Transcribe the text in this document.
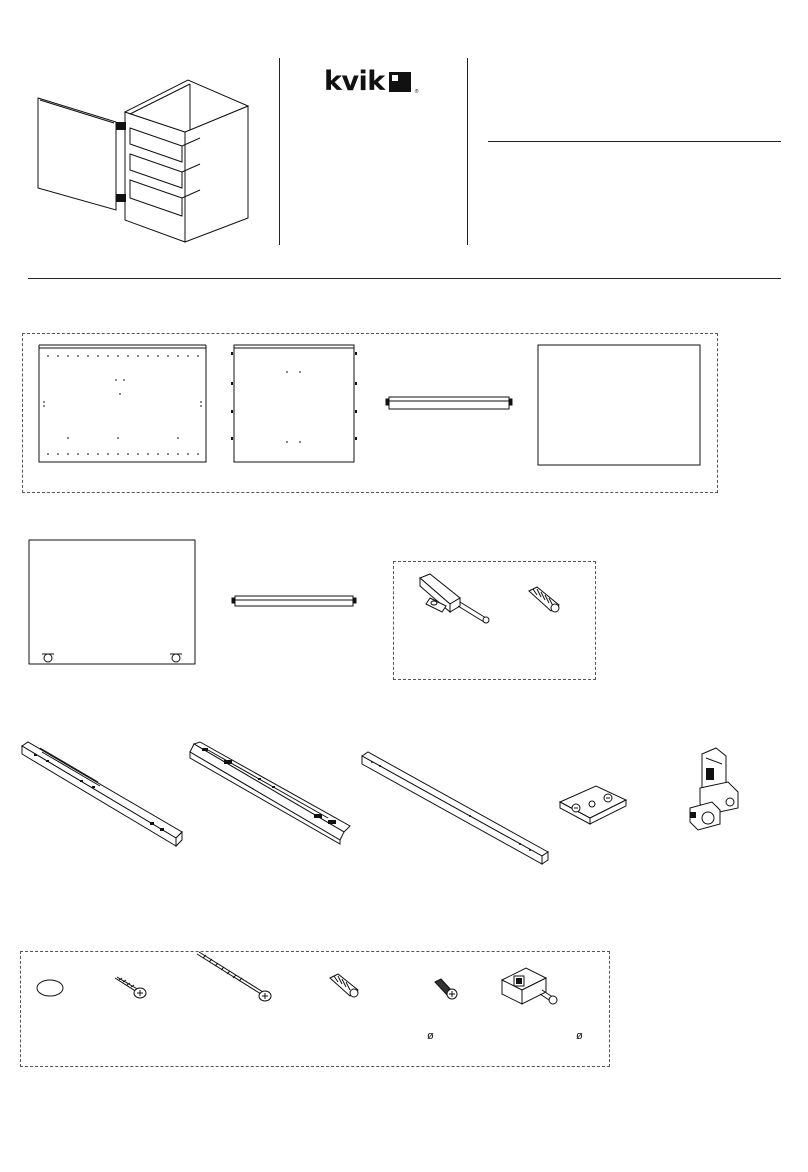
kvik	®
ø	ø
